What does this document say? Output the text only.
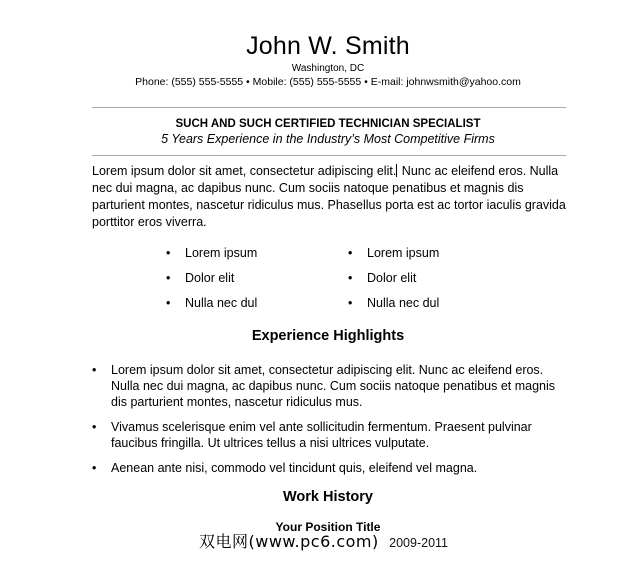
John W. Smith
Washington, DC
Phone: (555) 555-5555 • Mobile: (555) 555-5555 • E-mail: johnwsmith@yahoo.com
SUCH AND SUCH CERTIFIED TECHNICIAN SPECIALIST
5 Years Experience in the Industry’s Most Competitive Firms
Lorem ipsum dolor sit amet, consectetur adipiscing elit. Nunc ac eleifend eros. Nulla nec dui magna, ac dapibus nunc. Cum sociis natoque penatibus et magnis dis parturient montes, nascetur ridiculus mus. Phasellus porta est ac tortor iaculis gravida porttitor eros viverra.
• Lorem ipsum
• Dolor elit
• Nulla nec dul
• Lorem ipsum
• Dolor elit
• Nulla nec dul
Experience Highlights
• Lorem ipsum dolor sit amet, consectetur adipiscing elit. Nunc ac eleifend eros. Nulla nec dui magna, ac dapibus nunc. Cum sociis natoque penatibus et magnis dis parturient montes, nascetur ridiculus mus.
• Vivamus scelerisque enim vel ante sollicitudin fermentum. Praesent pulvinar faucibus fringilla. Ut ultrices tellus a nisi ultrices vulputate.
• Aenean ante nisi, commodo vel tincidunt quis, eleifend vel magna.
Work History
Your Position Title
2009-2011
双电网(www.pc6.com)
